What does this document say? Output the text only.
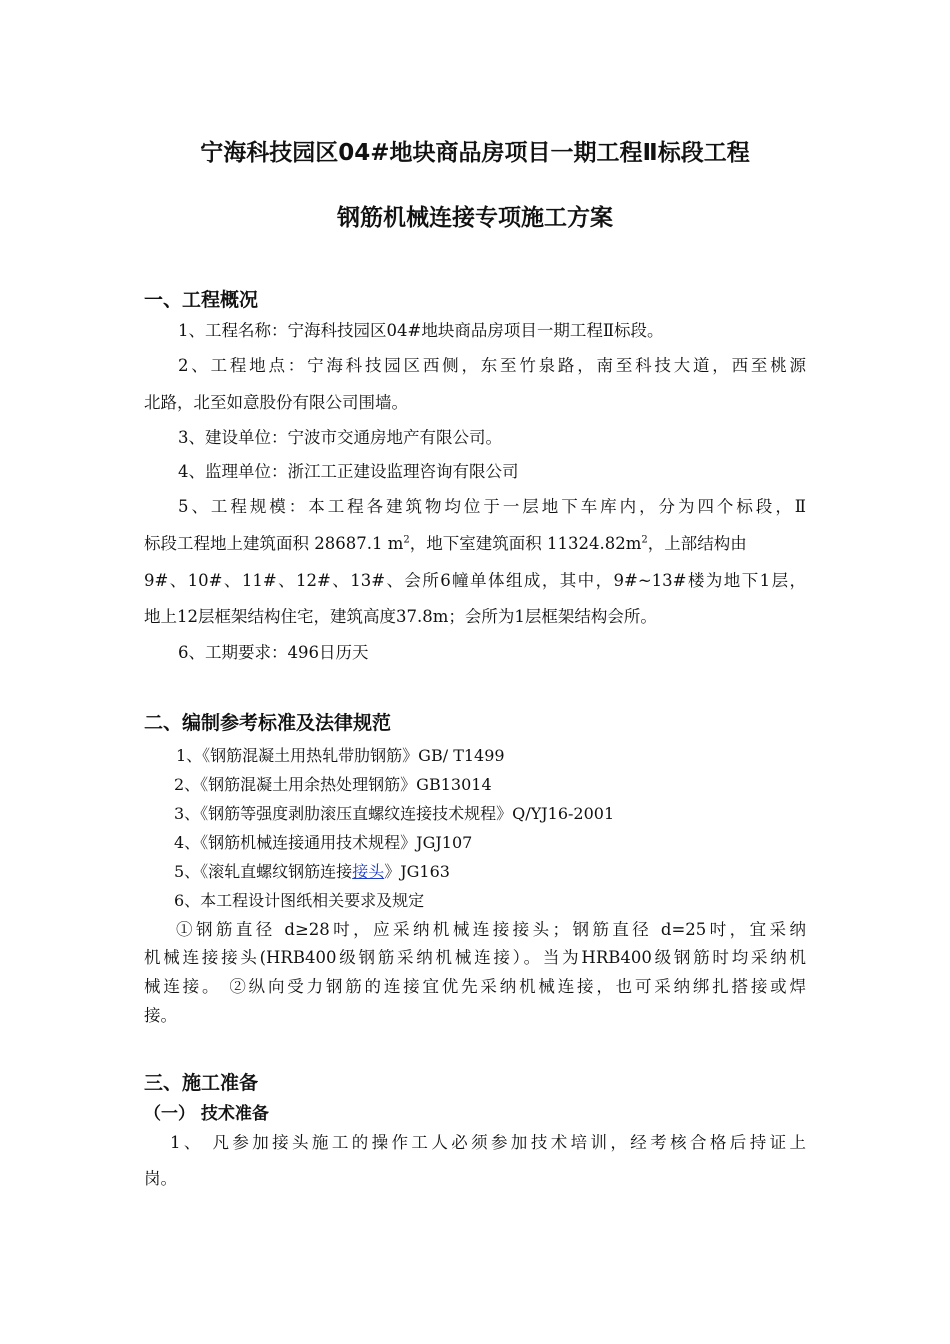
宁海科技园区04#地块商品房项目一期工程Ⅱ标段工程
钢筋机械连接专项施工方案
一、工程概况
1、工程名称：宁海科技园区04#地块商品房项目一期工程Ⅱ标段。
2、工程地点：宁海科技园区西侧，东至竹泉路，南至科技大道，西至桃源
北路，北至如意股份有限公司围墙。
3、建设单位：宁波市交通房地产有限公司。
4、监理单位：浙江工正建设监理咨询有限公司
5、工程规模：本工程各建筑物均位于一层地下车库内，分为四个标段，Ⅱ
标段工程地上建筑面积 28687.1 $m^2$，地下室建筑面积 $11324.82m^2$，上部结构由
9#、10#、11#、12#、13#、会所6幢单体组成，其中，9#~13#楼为地下1层，
地上12层框架结构住宅，建筑高度37.8m；会所为1层框架结构会所。
6、工期要求：496日历天
二、编制参考标准及法律规范
1、《钢筋混凝土用热轧带肋钢筋》GB/ T1499
2、《钢筋混凝土用余热处理钢筋》GB13014
3、《钢筋等强度剥肋滚压直螺纹连接技术规程》Q/YJ16-2001
4、《钢筋机械连接通用技术规程》JGJ107
5、《滚轧直螺纹钢筋连接接头》JG163
6、本工程设计图纸相关要求及规定
①钢筋直径 d≥28吋，应采纳机械连接接头；钢筋直径 d=25吋，宜采纳
机械连接接头(HRB400级钢筋采纳机械连接）。当为HRB400级钢筋时均采纳机
械连接。 ②纵向受力钢筋的连接宜优先采纳机械连接，也可采纳绑扎搭接或焊
接。
三、施工准备
（一） 技术准备
1、 凡参加接头施工的操作工人必须参加技术培训，经考核合格后持证上
岗。
